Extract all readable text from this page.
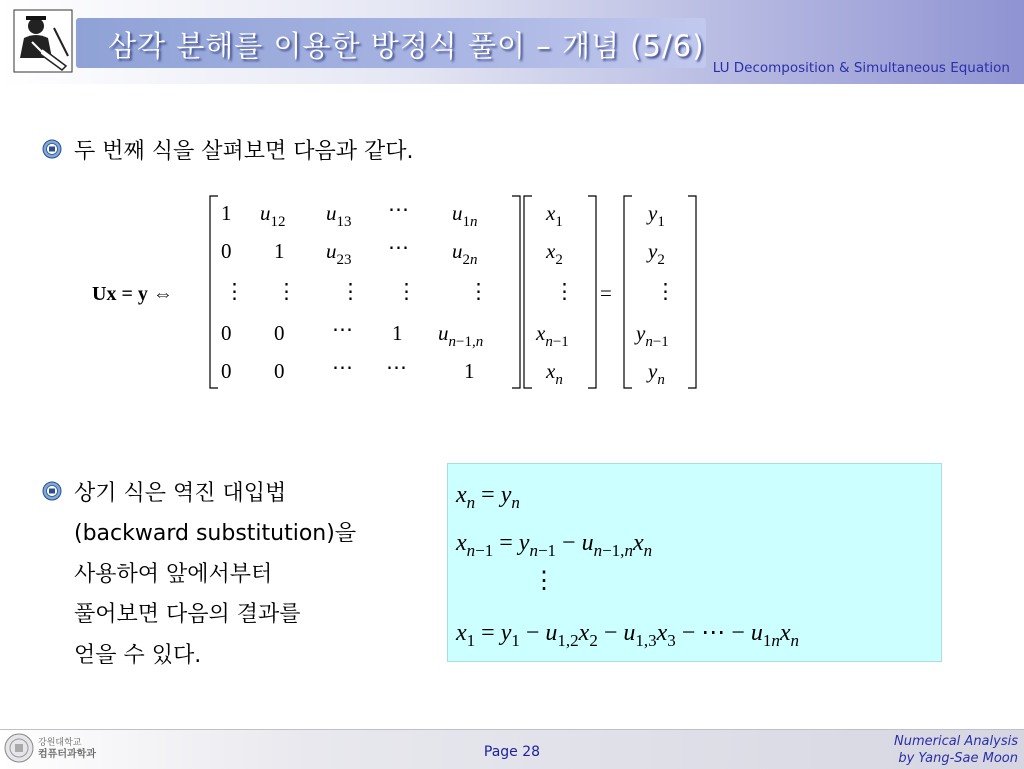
삼각 분해를 이용한 방정식 풀이 – 개념 (5/6)
LU Decomposition & Simultaneous Equation
두 번째 식을 살펴보면 다음과 같다.
Ux = y ⇔
1 $u_{12}$ $u_{13}$
⋯ $u_1n$
0 1 $u_{23}$
⋯ $u_2n$
⋮ ⋮ ⋮ ⋮ ⋮
0 0 ⋯ 1 $u_n-1,n$
0 0 ⋯ ⋯	1
$x_1$
$x_2$
⋮
$x_n-1$
$x_n$
=
$y_1$
$y_2$
⋮
$y_n-1$
$y_n$
상기 식은 역진 대입법
(backward substitution)을
사용하여 앞에서부터
풀어보면 다음의 결과를
얻을 수 있다.
$x_n = y_n$
$x_n-1 = y_n-1 - u_n-1,nx_n$
⋮
$x_1 = y_1 - u_{1,2}x_2 - u_{1,3}x_3$ − ⋯ − $u_1nx_n$
강원대학교
컴퓨터과학과	Page 28
Numerical Analysis
by Yang-Sae Moon
